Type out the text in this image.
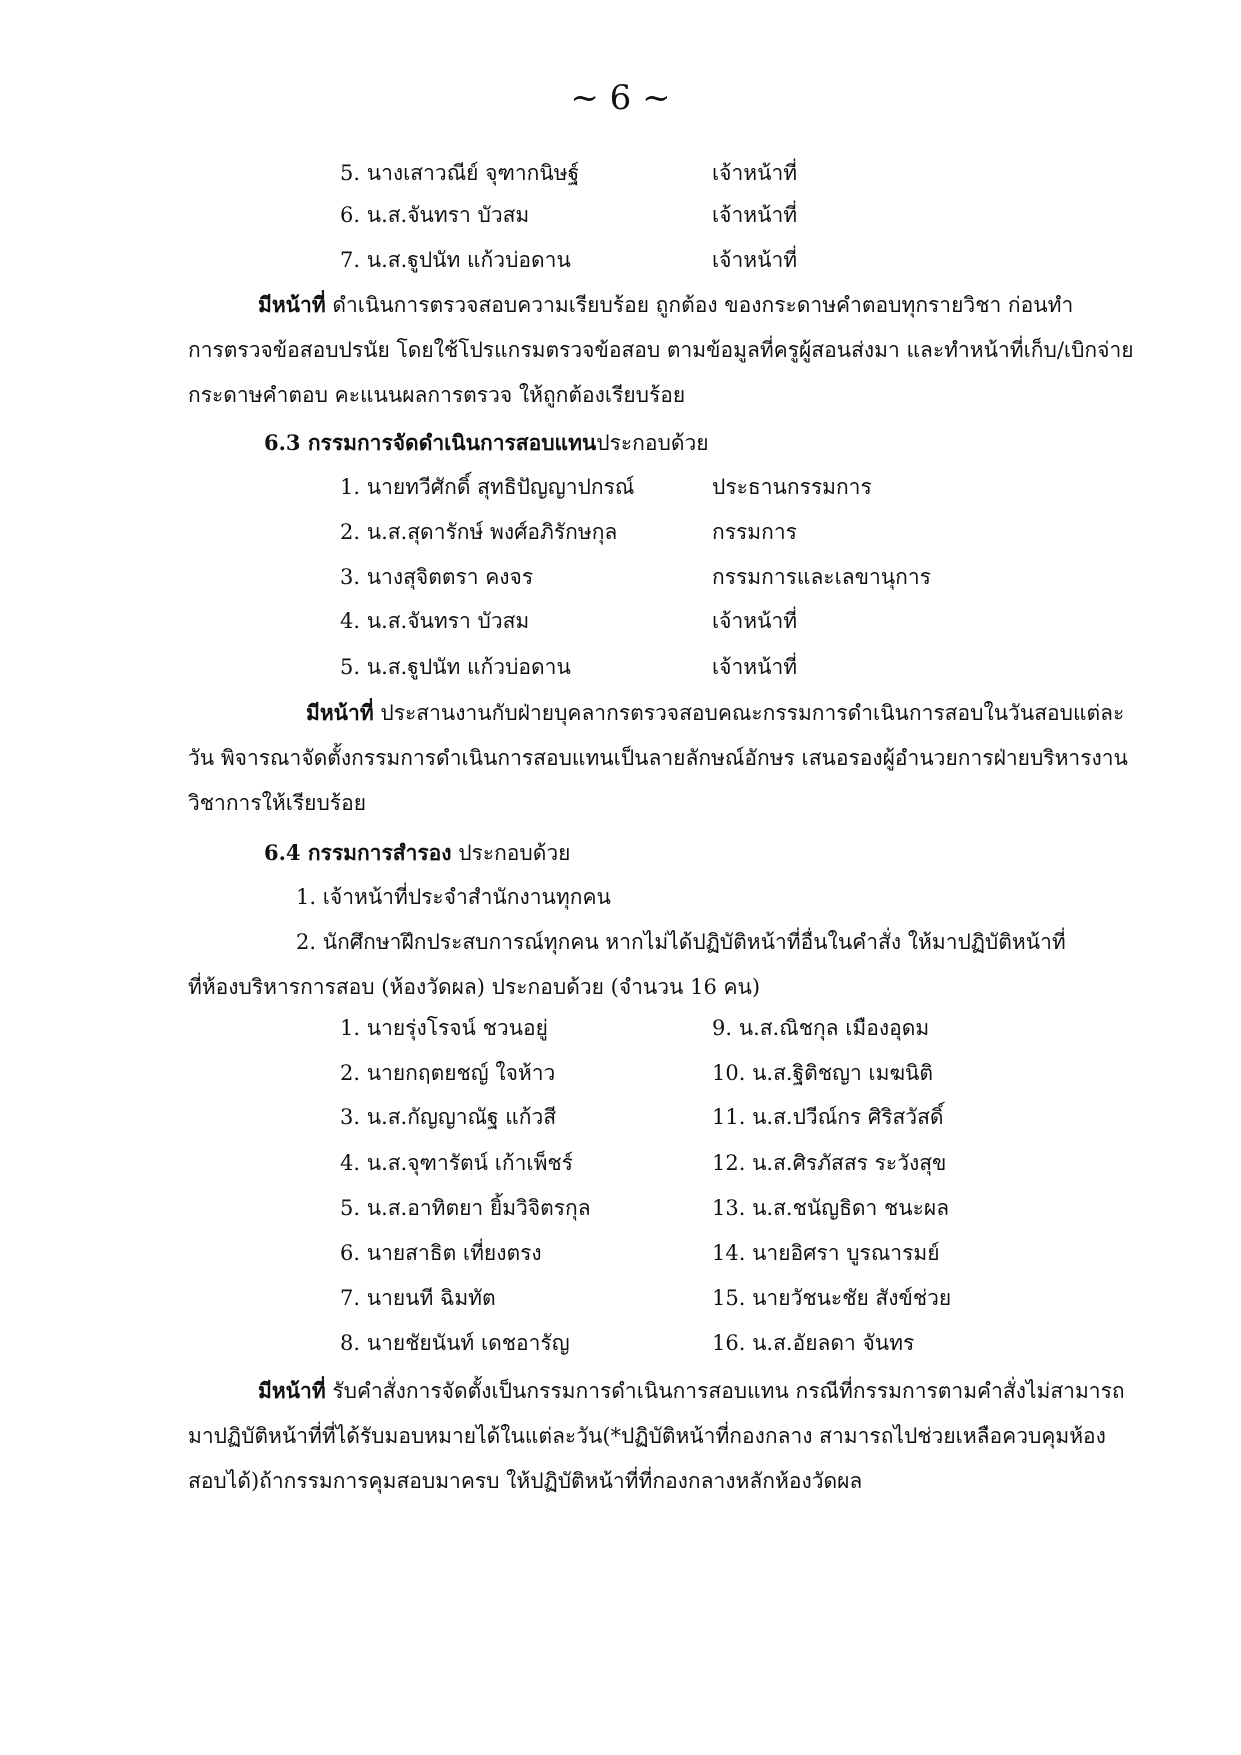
~ 6 ~
5. นางเสาวณีย์ จุฑากนิษฐ์	เจ้าหน้าที่
6. น.ส.จันทรา บัวสม	เจ้าหน้าที่
7. น.ส.ฐูปนัท แก้วบ่อดาน	เจ้าหน้าที่
มีหน้าที่ ดำเนินการตรวจสอบความเรียบร้อย ถูกต้อง ของกระดาษคำตอบทุกรายวิชา ก่อนทำ
การตรวจข้อสอบปรนัย โดยใช้โปรแกรมตรวจข้อสอบ ตามข้อมูลที่ครูผู้สอนส่งมา และทำหน้าที่เก็บ/เบิกจ่าย
กระดาษคำตอบ คะแนนผลการตรวจ ให้ถูกต้องเรียบร้อย
6.3 กรรมการจัดดำเนินการสอบแทนประกอบด้วย
1. นายทวีศักดิ์ สุทธิปัญญาปกรณ์	ประธานกรรมการ
2. น.ส.สุดารักษ์ พงศ์อภิรักษกุล	กรรมการ
3. นางสุจิตตรา คงจร	กรรมการและเลขานุการ
4. น.ส.จันทรา บัวสม	เจ้าหน้าที่
5. น.ส.ฐูปนัท แก้วบ่อดาน	เจ้าหน้าที่
มีหน้าที่ ประสานงานกับฝ่ายบุคลากรตรวจสอบคณะกรรมการดำเนินการสอบในวันสอบแต่ละ
วัน พิจารณาจัดตั้งกรรมการดำเนินการสอบแทนเป็นลายลักษณ์อักษร เสนอรองผู้อำนวยการฝ่ายบริหารงาน
วิชาการให้เรียบร้อย
6.4 กรรมการสำรอง ประกอบด้วย
1. เจ้าหน้าที่ประจำสำนักงานทุกคน
2. นักศึกษาฝึกประสบการณ์ทุกคน หากไม่ได้ปฏิบัติหน้าที่อื่นในคำสั่ง ให้มาปฏิบัติหน้าที่
ที่ห้องบริหารการสอบ (ห้องวัดผล) ประกอบด้วย (จำนวน 16 คน)
1. นายรุ่งโรจน์ ชวนอยู่	9. น.ส.ณิชกุล เมืองอุดม
2. นายกฤตยชญ์ ใจห้าว	10. น.ส.ฐิติชญา เมฆนิติ
3. น.ส.กัญญาณัฐ แก้วสี	11. น.ส.ปวีณ์กร ศิริสวัสดิ์
4. น.ส.จุฑารัตน์ เก้าเพ็ชร์	12. น.ส.ศิรภัสสร ระวังสุข
5. น.ส.อาทิตยา ยิ้มวิจิตรกุล	13. น.ส.ชนัญธิดา ชนะผล
6. นายสาธิต เที่ยงตรง	14. นายอิศรา บูรณารมย์
7. นายนที ฉิมทัต	15. นายวัชนะชัย สังข์ช่วย
8. นายชัยนันท์ เดชอารัญ	16. น.ส.อัยลดา จันทร
มีหน้าที่ รับคำสั่งการจัดตั้งเป็นกรรมการดำเนินการสอบแทน กรณีที่กรรมการตามคำสั่งไม่สามารถ
มาปฏิบัติหน้าที่ที่ได้รับมอบหมายได้ในแต่ละวัน(*ปฏิบัติหน้าที่กองกลาง สามารถไปช่วยเหลือควบคุมห้อง
สอบได้)ถ้ากรรมการคุมสอบมาครบ ให้ปฏิบัติหน้าที่ที่กองกลางหลักห้องวัดผล
